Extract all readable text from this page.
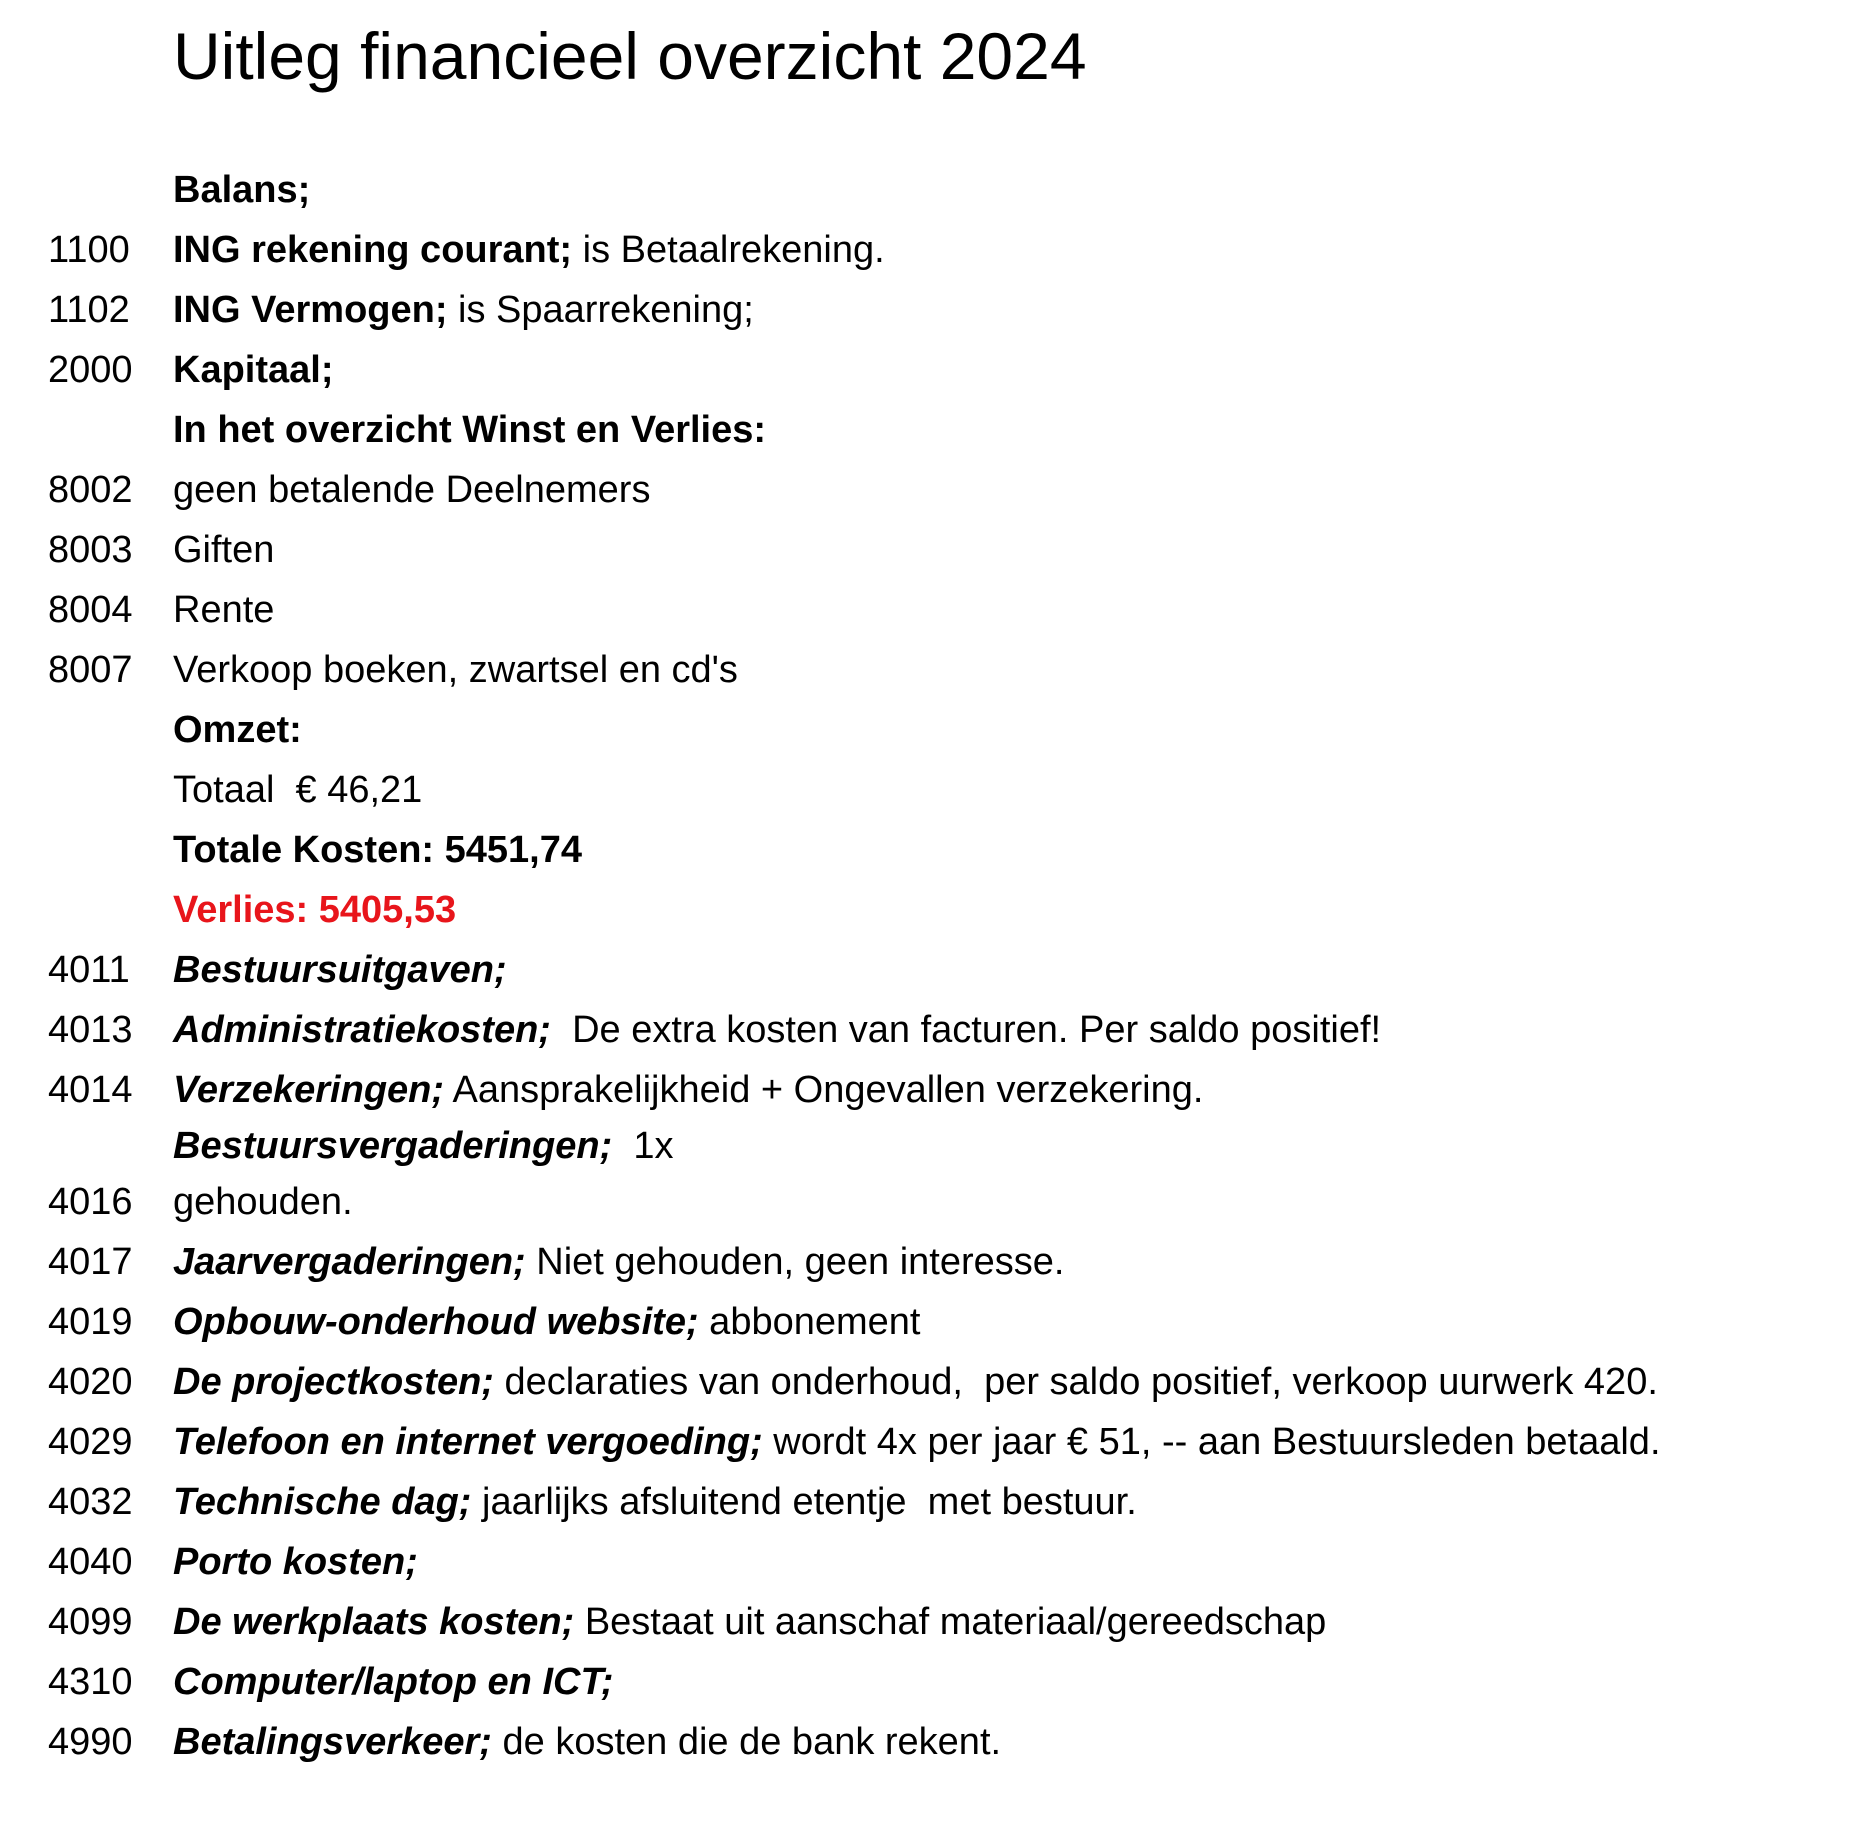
Uitleg financieel overzicht 2024
Balans;
1100 ING rekening courant; is Betaalrekening.
1102 ING Vermogen; is Spaarrekening;
2000 Kapitaal;
In het overzicht Winst en Verlies:
8002 geen betalende Deelnemers
8003 Giften
8004 Rente
8007 Verkoop boeken, zwartsel en cd's
Omzet:
Totaal  € 46,21
Totale Kosten: 5451,74
Verlies: 5405,53
4011 Bestuursuitgaven;
4013 Administratiekosten;  De extra kosten van facturen. Per saldo positief!
4014 Verzekeringen; Aansprakelijkheid + Ongevallen verzekering.
Bestuursvergaderingen;  1x
4016 gehouden.
4017 Jaarvergaderingen; Niet gehouden, geen interesse.
4019 Opbouw-onderhoud website; abbonement
4020 De projectkosten; declaraties van onderhoud,  per saldo positief, verkoop uurwerk 420.
4029 Telefoon en internet vergoeding; wordt 4x per jaar € 51, -- aan Bestuursleden betaald.
4032 Technische dag; jaarlijks afsluitend etentje  met bestuur.
4040 Porto kosten;
4099 De werkplaats kosten; Bestaat uit aanschaf materiaal/gereedschap
4310 Computer/laptop en ICT;
4990 Betalingsverkeer; de kosten die de bank rekent.
